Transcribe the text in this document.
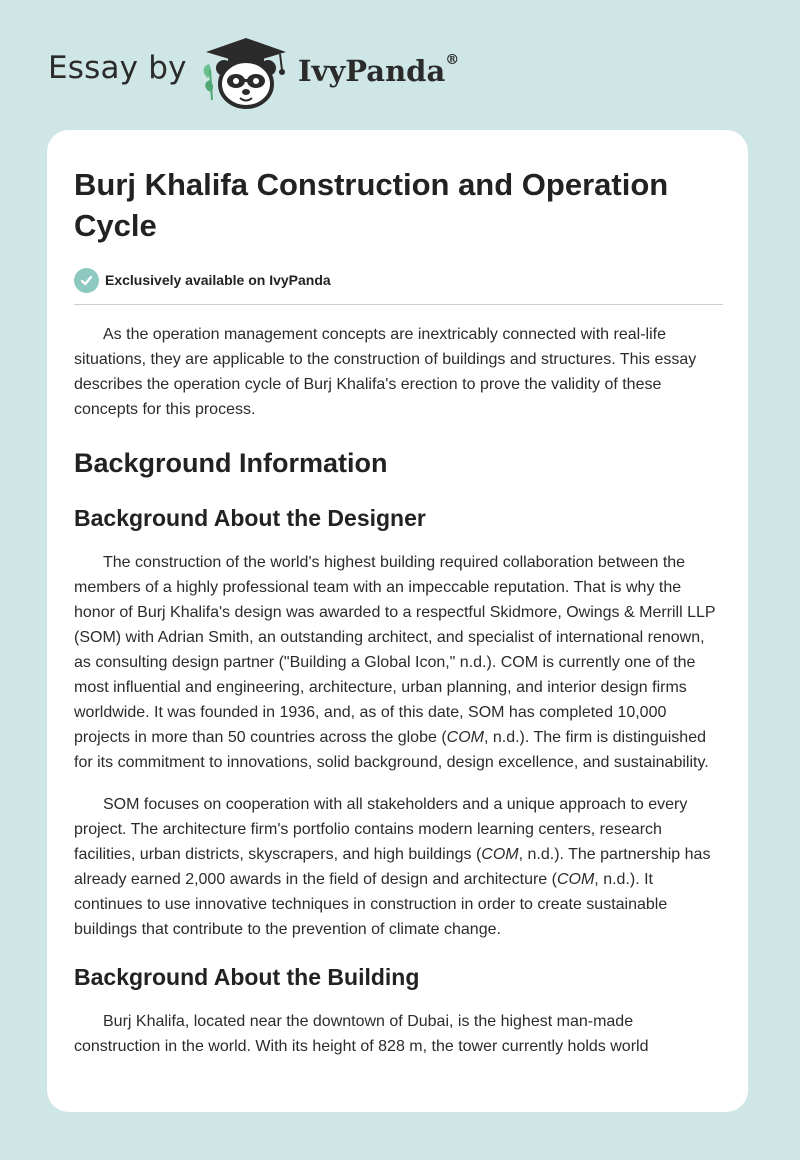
Essay by	IvyPanda®
Burj Khalifa Construction and Operation Cycle
Exclusively available on IvyPanda

As the operation management concepts are inextricably connected with real-life situations, they are applicable to the construction of buildings and structures. This essay describes the operation cycle of Burj Khalifa's erection to prove the validity of these concepts for this process.

Background Information
Background About the Designer

The construction of the world's highest building required collaboration between the members of a highly professional team with an impeccable reputation. That is why the honor of Burj Khalifa's design was awarded to a respectful Skidmore, Owings & Merrill LLP (SOM) with Adrian Smith, an outstanding architect, and specialist of international renown, as consulting design partner ("Building a Global Icon," n.d.). COM is currently one of the most influential and engineering, architecture, urban planning, and interior design firms worldwide. It was founded in 1936, and, as of this date, SOM has completed 10,000 projects in more than 50 countries across the globe (COM, n.d.). The firm is distinguished for its commitment to innovations, solid background, design excellence, and sustainability.

SOM focuses on cooperation with all stakeholders and a unique approach to every project. The architecture firm's portfolio contains modern learning centers, research facilities, urban districts, skyscrapers, and high buildings (COM, n.d.). The partnership has already earned 2,000 awards in the field of design and architecture (COM, n.d.). It continues to use innovative techniques in construction in order to create sustainable buildings that contribute to the prevention of climate change.

Background About the Building

Burj Khalifa, located near the downtown of Dubai, is the highest man-made construction in the world. With its height of 828 m, the tower currently holds world
